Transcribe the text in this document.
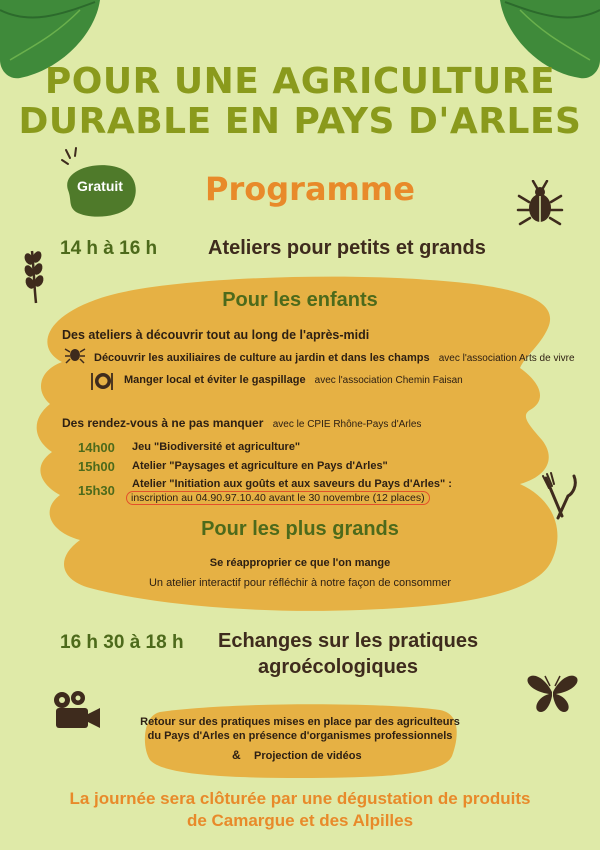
POUR UNE AGRICULTURE
DURABLE EN PAYS D'ARLES
Gratuit	Programme
14 h à 16 h	Ateliers pour petits et grands
Pour les enfants
Des ateliers à découvrir tout au long de l'après-midi
Découvrir les auxiliaires de culture au jardin et dans les champs avec l'association Arts de vivre
Manger local et éviter le gaspillage avec l'association Chemin Faisan
Des rendez-vous à ne pas manquer avec le CPIE Rhône-Pays d'Arles
14h00 Jeu "Biodiversité et agriculture"
15h00 Atelier "Paysages et agriculture en Pays d'Arles"
15h30 Atelier "Initiation aux goûts et aux saveurs du Pays d'Arles" :
inscription au 04.90.97.10.40 avant le 30 novembre (12 places)
Pour les plus grands
Se réapproprier ce que l'on mange
Un atelier interactif pour réfléchir à notre façon de consommer
16 h 30 à 18 h Echanges sur les pratiques
agroécologiques
Retour sur des pratiques mises en place par des agriculteurs
du Pays d'Arles en présence d'organismes professionnels
& Projection de vidéos
La journée sera clôturée par une dégustation de produits
de Camargue et des Alpilles
